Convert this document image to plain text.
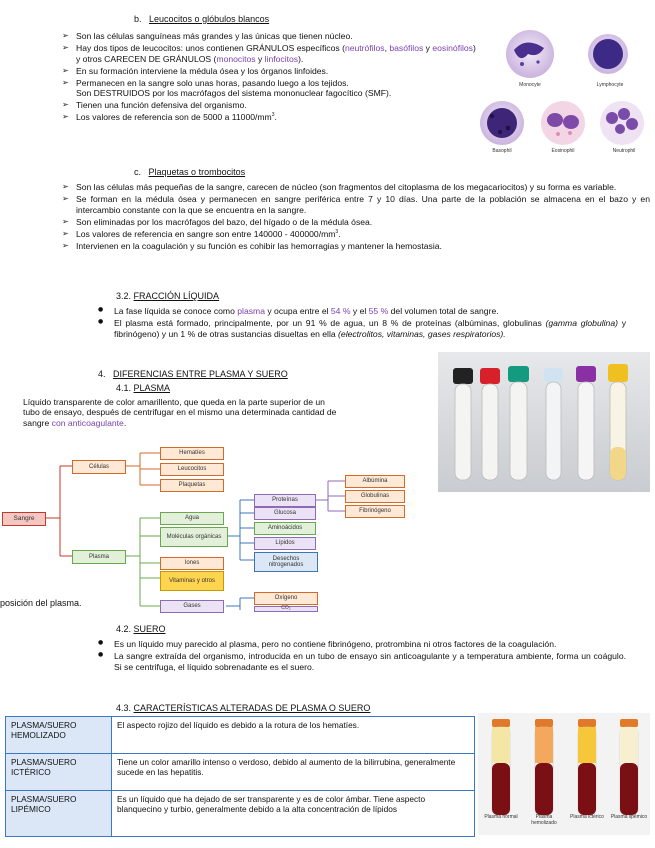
b. Leucocitos o glóbulos blancos
➢ Son las células sanguíneas más grandes y las únicas que tienen núcleo.
➢ Hay dos tipos de leucocitos: unos contienen GRÁNULOS específicos (neutrófilos, basófilos y eosinófilos) y otros CARECEN DE GRÁNULOS (monocitos y linfocitos).
➢ En su formación interviene la médula ósea y los órganos linfoides.
➢ Permanecen en la sangre solo unas horas, pasando luego a los tejidos.
Son DESTRUIDOS por los macrófagos del sistema mononuclear fagocítico (SMF).
➢ Tienen una función defensiva del organismo.
➢ Los valores de referencia son de 5000 a $11000/mm^3$.
Monocyte	Lymphocyte
Basophil	Eosinophil	Neutrophil
c. Plaquetas o trombocitos
➢ Son las células más pequeñas de la sangre, carecen de núcleo (son fragmentos del citoplasma de los megacariocitos) y su forma es variable.
➢ Se forman en la médula ósea y permanecen en sangre periférica entre 7 y 10 días. Una parte de la población se almacena en el bazo y en intercambio constante con la que se encuentra en la sangre.
➢ Son eliminadas por los macrófagos del bazo, del hígado o de la médula ósea.
➢ Los valores de referencia en sangre son entre $140000 - 400000/mm^3$.
➢ Intervienen en la coagulación y su función es cohibir las hemorragias y mantener la hemostasia.
3.2. FRACCIÓN LÍQUIDA
● La fase líquida se conoce como plasma y ocupa entre el 54 % y el 55 % del volumen total de sangre.
● El plasma está formado, principalmente, por un 91 % de agua, un 8 % de proteínas (albúminas, globulinas (gamma globulina) y fibrinógeno) y un 1 % de otras sustancias disueltas en ella (electrolitos, vitaminas, gases respiratorios).
4. DIFERENCIAS ENTRE PLASMA Y SUERO
4.1. PLASMA
Líquido transparente de color amarillento, que queda en la parte superior de un tubo de ensayo, después de centrifugar en el mismo una determinada cantidad de sangre con anticoagulante.
Sangre
Células
Plasma
Hematíes
Leucocitos
Plaquetas
Agua
Moléculas orgánicas
Iones
Vitaminas y otros
Gases
Proteínas
Glucosa
Aminoácidos
Lípidos
Desechos nitrogenados
Albúmina
Globulinas
Fibrinógeno
Oxígeno
CO₂
posición del plasma.
4.2. SUERO
● Es un líquido muy parecido al plasma, pero no contiene fibrinógeno, protrombina ni otros factores de la coagulación.
● La sangre extraída del organismo, introducida en un tubo de ensayo sin anticoagulante y a temperatura ambiente, forma un coágulo. Si se centrifuga, el líquido sobrenadante es el suero.
4.3. CARACTERÍSTICAS ALTERADAS DE PLASMA O SUERO
PLASMA/SUERO HEMOLIZADO	El aspecto rojizo del líquido es debido a la rotura de los hematíes.
PLASMA/SUERO ICTÉRICO	Tiene un color amarillo intenso o verdoso, debido al aumento de la bilirrubina, generalmente sucede en las hepatitis.
PLASMA/SUERO LIPÉMICO	Es un líquido que ha dejado de ser transparente y es de color ámbar. Tiene aspecto blanquecino y turbio, generalmente debido a la alta concentración de lípidos
Plasma normal	Plasma hemolizado
Plasma ictérico	Plasma lipémico
